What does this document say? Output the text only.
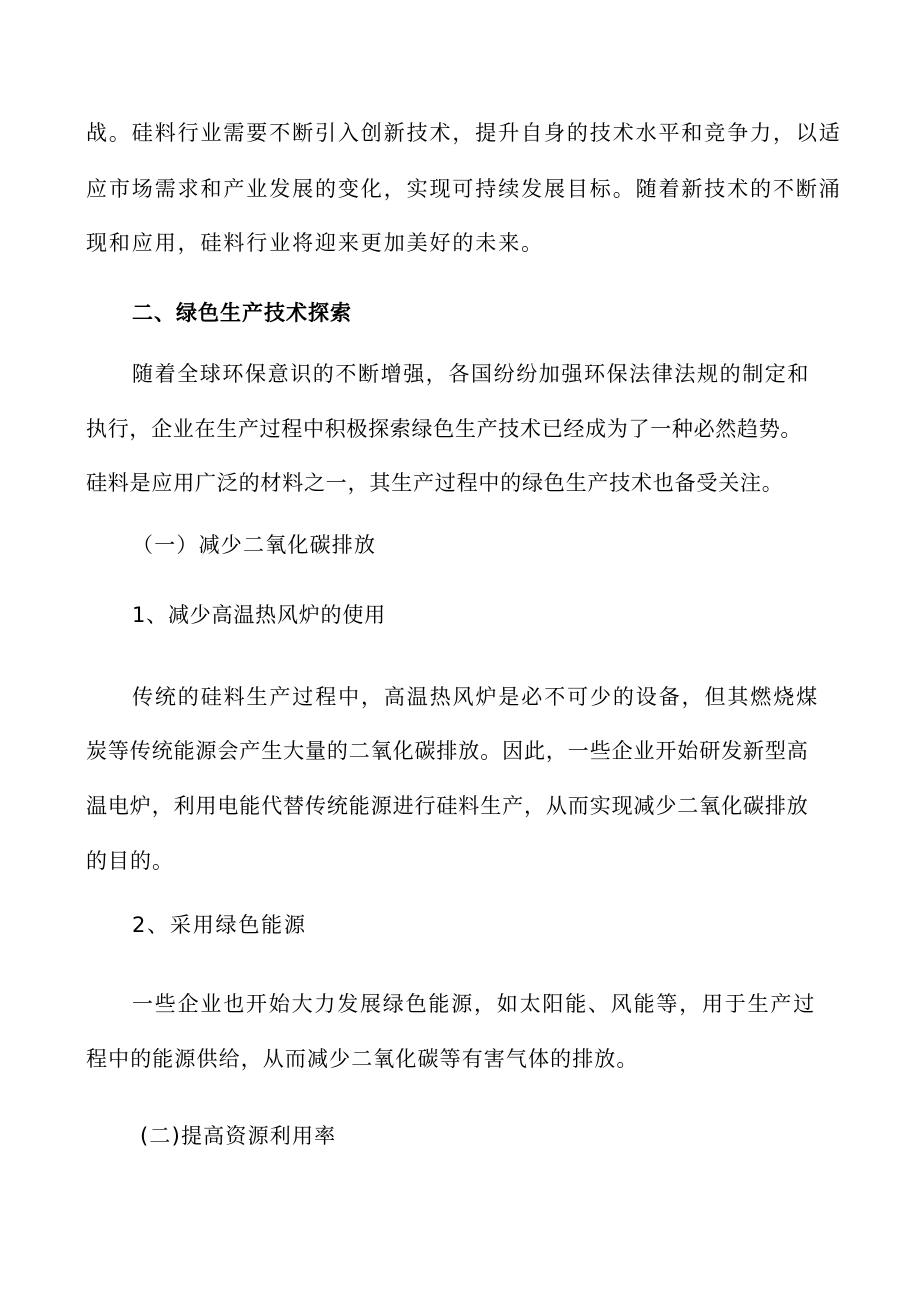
战。硅料行业需要不断引入创新技术，提升自身的技术水平和竞争力，以适
应市场需求和产业发展的变化，实现可持续发展目标。随着新技术的不断涌
现和应用，硅料行业将迎来更加美好的未来。
二、绿色生产技术探索
随着全球环保意识的不断增强，各国纷纷加强环保法律法规的制定和
执行，企业在生产过程中积极探索绿色生产技术已经成为了一种必然趋势。
硅料是应用广泛的材料之一，其生产过程中的绿色生产技术也备受关注。
（一）减少二氧化碳排放
1、减少高温热风炉的使用
传统的硅料生产过程中，高温热风炉是必不可少的设备，但其燃烧煤
炭等传统能源会产生大量的二氧化碳排放。因此，一些企业开始研发新型高
温电炉，利用电能代替传统能源进行硅料生产，从而实现减少二氧化碳排放
的目的。
2、采用绿色能源
一些企业也开始大力发展绿色能源，如太阳能、风能等，用于生产过
程中的能源供给，从而减少二氧化碳等有害气体的排放。
(二)提高资源利用率
